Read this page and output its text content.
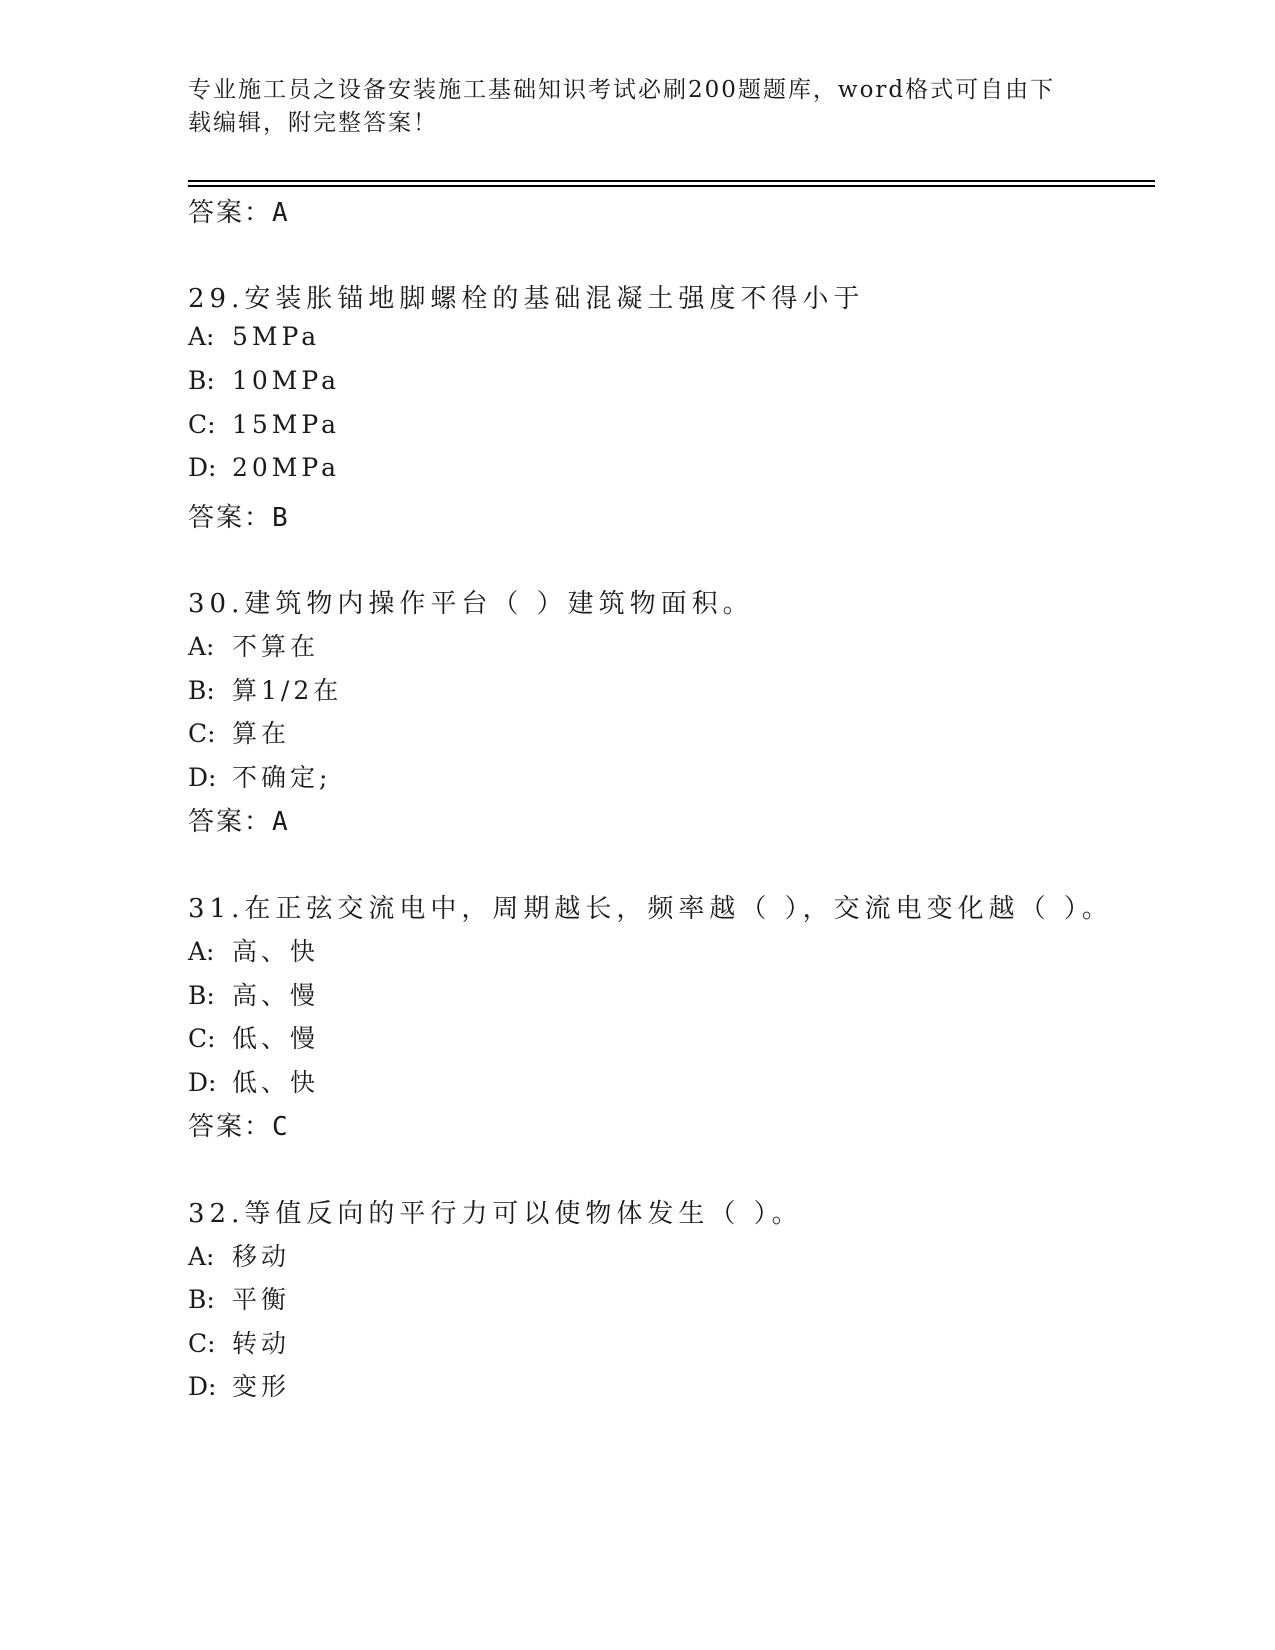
专业施工员之设备安装施工基础知识考试必刷200题题库，word格式可自由下载编辑，附完整答案！
答案：A
29.安装胀锚地脚螺栓的基础混凝土强度不得小于
A: 5MPa
B: 10MPa
C: 15MPa
D: 20MPa
答案：B
30.建筑物内操作平台（ ）建筑物面积。
A: 不算在
B: 算1/2在
C: 算在
D: 不确定;
答案：A
31.在正弦交流电中，周期越长，频率越（ ），交流电变化越（ ）。
A: 高、快
B: 高、慢
C: 低、慢
D: 低、快
答案：C
32.等值反向的平行力可以使物体发生（ ）。
A: 移动
B: 平衡
C: 转动
D: 变形
